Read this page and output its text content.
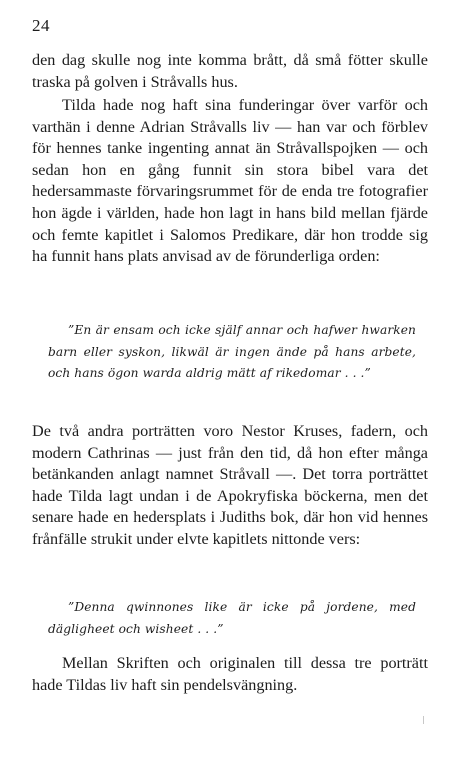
24

den dag skulle nog inte komma brått, då små fötter skulle traska på golven i Stråvalls hus.

Tilda hade nog haft sina funderingar över varför och varthän i denne Adrian Stråvalls liv — han var och förblev för hennes tanke ingenting annat än Stråvallspojken — och sedan hon en gång funnit sin stora bibel vara det hedersammaste förvaringsrummet för de enda tre fotografier hon ägde i världen, hade hon lagt in hans bild mellan fjärde och femte kapitlet i Salomos Predikare, där hon trodde sig ha funnit hans plats anvisad av de förunderliga orden:

”En är ensam och icke själf annar och hafwer hwarken barn eller syskon, likwäl är ingen ände på hans arbete, och hans ögon warda aldrig mätt af rikedomar . . .”

De två andra porträtten voro Nestor Kruses, fadern, och modern Cathrinas — just från den tid, då hon efter många betänkanden anlagt namnet Stråvall —. Det torra porträttet hade Tilda lagt undan i de Apokryfiska böckerna, men det senare hade en hedersplats i Judiths bok, där hon vid hennes frånfälle strukit under elvte kapitlets nittonde vers:

”Denna qwinnones like är icke på jordene, med dägligheet och wisheet . . .”

Mellan Skriften och originalen till dessa tre porträtt hade Tildas liv haft sin pendelsvängning.
